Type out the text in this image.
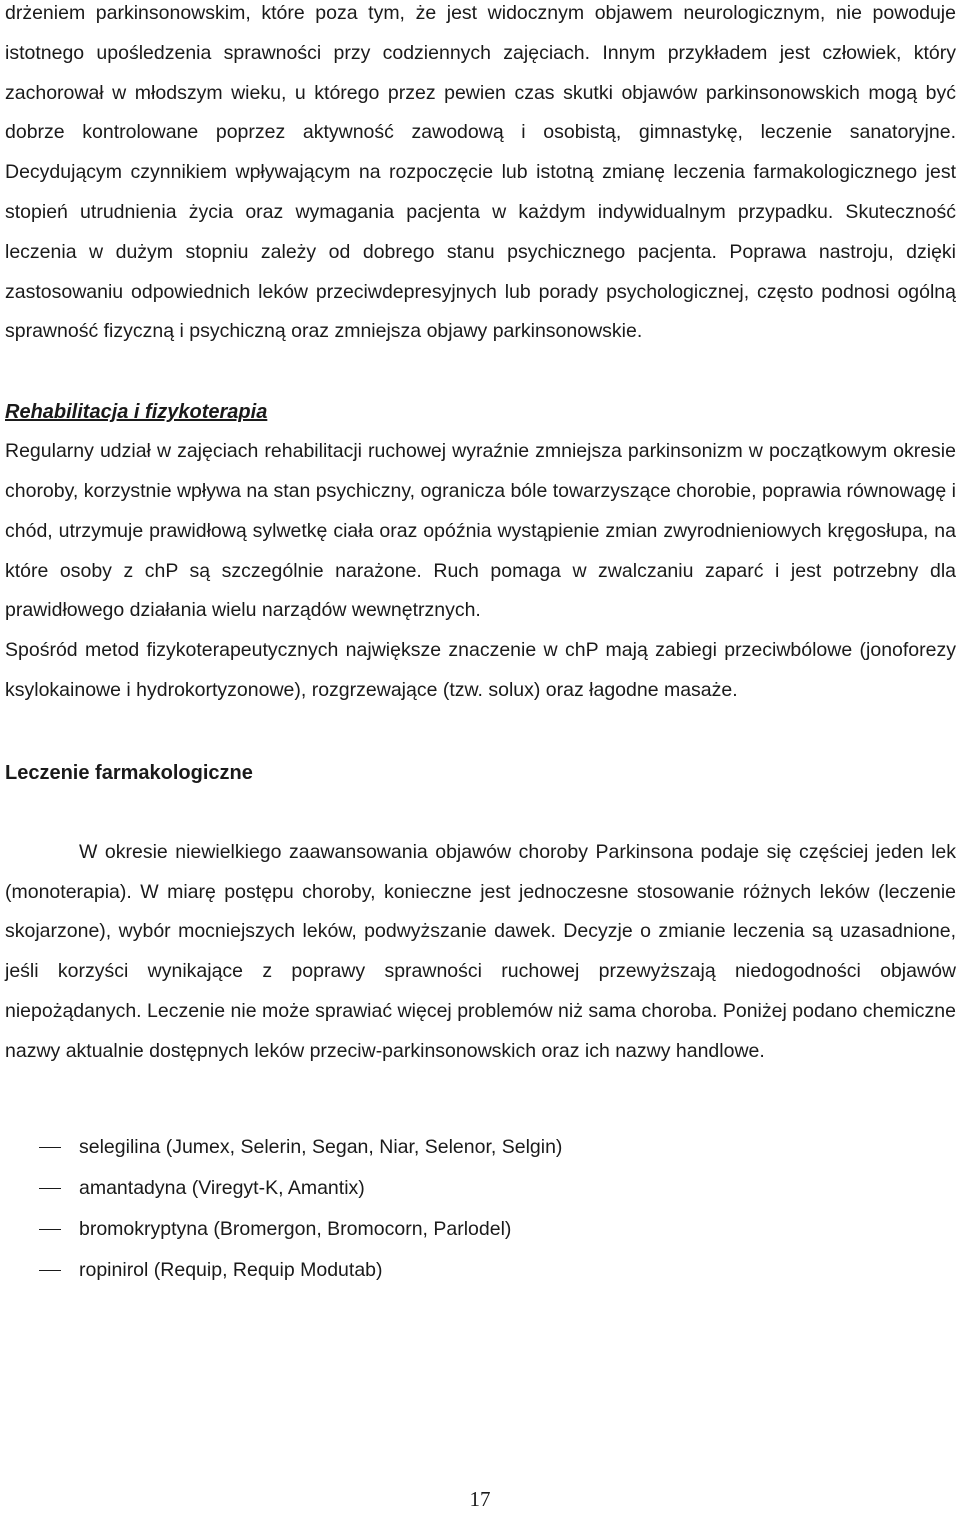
drżeniem parkinsonowskim, które poza tym, że jest widocznym objawem neurologicznym, nie powoduje istotnego upośledzenia sprawności przy codziennych zajęciach. Innym przykładem jest człowiek, który zachorował w młodszym wieku, u którego przez pewien czas skutki objawów parkinsonowskich mogą być dobrze kontrolowane poprzez aktywność zawodową i osobistą, gimnastykę, leczenie sanatoryjne. Decydującym czynnikiem wpływającym na rozpoczęcie lub istotną zmianę leczenia farmakologicznego jest stopień utrudnienia życia oraz wymagania pacjenta w każdym indywidualnym przypadku. Skuteczność leczenia w dużym stopniu zależy od dobrego stanu psychicznego pacjenta. Poprawa nastroju, dzięki zastosowaniu odpowiednich leków przeciwdepresyjnych lub porady psychologicznej, często podnosi ogólną sprawność fizyczną i psychiczną oraz zmniejsza objawy parkinsonowskie.

Rehabilitacja i fizykoterapia

Regularny udział w zajęciach rehabilitacji ruchowej wyraźnie zmniejsza parkinsonizm w początkowym okresie choroby, korzystnie wpływa na stan psychiczny, ogranicza bóle towarzyszące chorobie, poprawia równowagę i chód, utrzymuje prawidłową sylwetkę ciała oraz opóźnia wystąpienie zmian zwyrodnieniowych kręgosłupa, na które osoby z chP są szczególnie narażone. Ruch pomaga w zwalczaniu zaparć i jest potrzebny dla prawidłowego działania wielu narządów wewnętrznych.

Spośród metod fizykoterapeutycznych największe znaczenie w chP mają zabiegi przeciwbólowe (jonoforezy ksylokainowe i hydrokortyzonowe), rozgrzewające (tzw. solux) oraz łagodne masaże.

Leczenie farmakologiczne

W okresie niewielkiego zaawansowania objawów choroby Parkinsona podaje się częściej jeden lek (monoterapia). W miarę postępu choroby, konieczne jest jednoczesne stosowanie różnych leków (leczenie skojarzone), wybór mocniejszych leków, podwyższanie dawek. Decyzje o zmianie leczenia są uzasadnione, jeśli korzyści wynikające z poprawy sprawności ruchowej przewyższają niedogodności objawów niepożądanych. Leczenie nie może sprawiać więcej problemów niż sama choroba. Poniżej podano chemiczne nazwy aktualnie dostępnych leków przeciw-parkinsonowskich oraz ich nazwy handlowe.

selegilina (Jumex, Selerin, Segan, Niar, Selenor, Selgin)
amantadyna (Viregyt-K, Amantix)
bromokryptyna (Bromergon, Bromocorn, Parlodel)
ropinirol (Requip, Requip Modutab)
17
